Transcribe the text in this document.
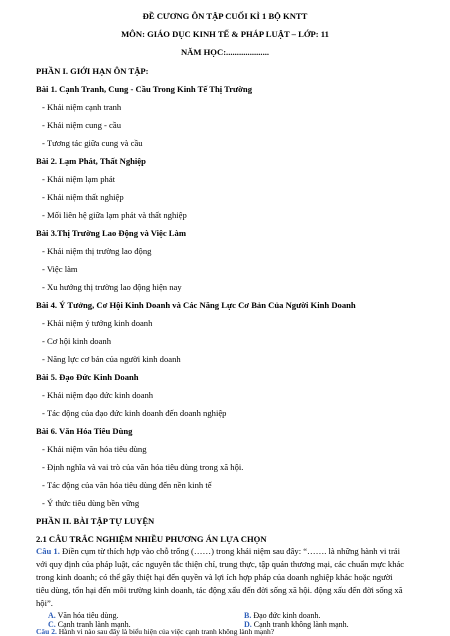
ĐỀ CƯƠNG ÔN TẬP CUỐI KÌ 1 BỘ KNTT
MÔN: GIÁO DỤC KINH TẾ & PHÁP LUẬT – LỚP: 11
NĂM HỌC:....................
PHẦN I. GIỚI HẠN ÔN TẬP:
Bài 1. Cạnh Tranh, Cung - Cầu Trong Kinh Tế Thị Trường
- Khái niệm cạnh tranh
- Khái niệm cung - cầu
- Tương tác giữa cung và cầu
Bài 2. Lạm Phát, Thất Nghiệp
- Khái niệm lạm phát
- Khái niệm thất nghiệp
- Mối liên hệ giữa lạm phát và thất nghiệp
Bài 3.Thị Trường Lao Động và Việc Làm
- Khái niệm thị trường lao động
- Việc làm
- Xu hướng thị trường lao động hiện nay
Bài 4. Ý Tưởng, Cơ Hội Kinh Doanh và Các Năng Lực Cơ Bản Của Người Kinh Doanh
- Khái niệm ý tưởng kinh doanh
- Cơ hội kinh doanh
- Năng lực cơ bản của người kinh doanh
Bài 5. Đạo Đức Kinh Doanh
- Khái niệm đạo đức kinh doanh
- Tác động của đạo đức kinh doanh đến doanh nghiệp
Bài 6. Văn Hóa Tiêu Dùng
- Khái niệm văn hóa tiêu dùng
- Định nghĩa và vai trò của văn hóa tiêu dùng trong xã hội.
- Tác động của văn hóa tiêu dùng đến nền kinh tế
- Ý thức tiêu dùng bền vững
PHẦN II. BÀI TẬP TỰ LUYỆN
2.1 CÂU TRẮC NGHIỆM NHIỀU PHƯƠNG ÁN LỰA CHỌN
Câu 1. Điền cụm từ thích hợp vào chỗ trống (……) trong khái niệm sau đây: “……. là những hành vi trái
với quy định của pháp luật, các nguyên tắc thiện chí, trung thực, tập quán thương mại, các chuẩn mực khác
trong kinh doanh; có thể gây thiệt hại đến quyền và lợi ích hợp pháp của doanh nghiệp khác hoặc người
tiêu dùng, tổn hại đến môi trường kinh doanh, tác động xấu đến đời sống xã hội. động xấu đến đời sống xã
hội”.
A. Văn hóa tiêu dùng.	B. Đạo đức kinh doanh.
C. Cạnh tranh lành mạnh.	D. Cạnh tranh không lành mạnh.
Câu 2. Hành vi nào sau đây là biểu hiện của việc cạnh tranh không lành mạnh?
